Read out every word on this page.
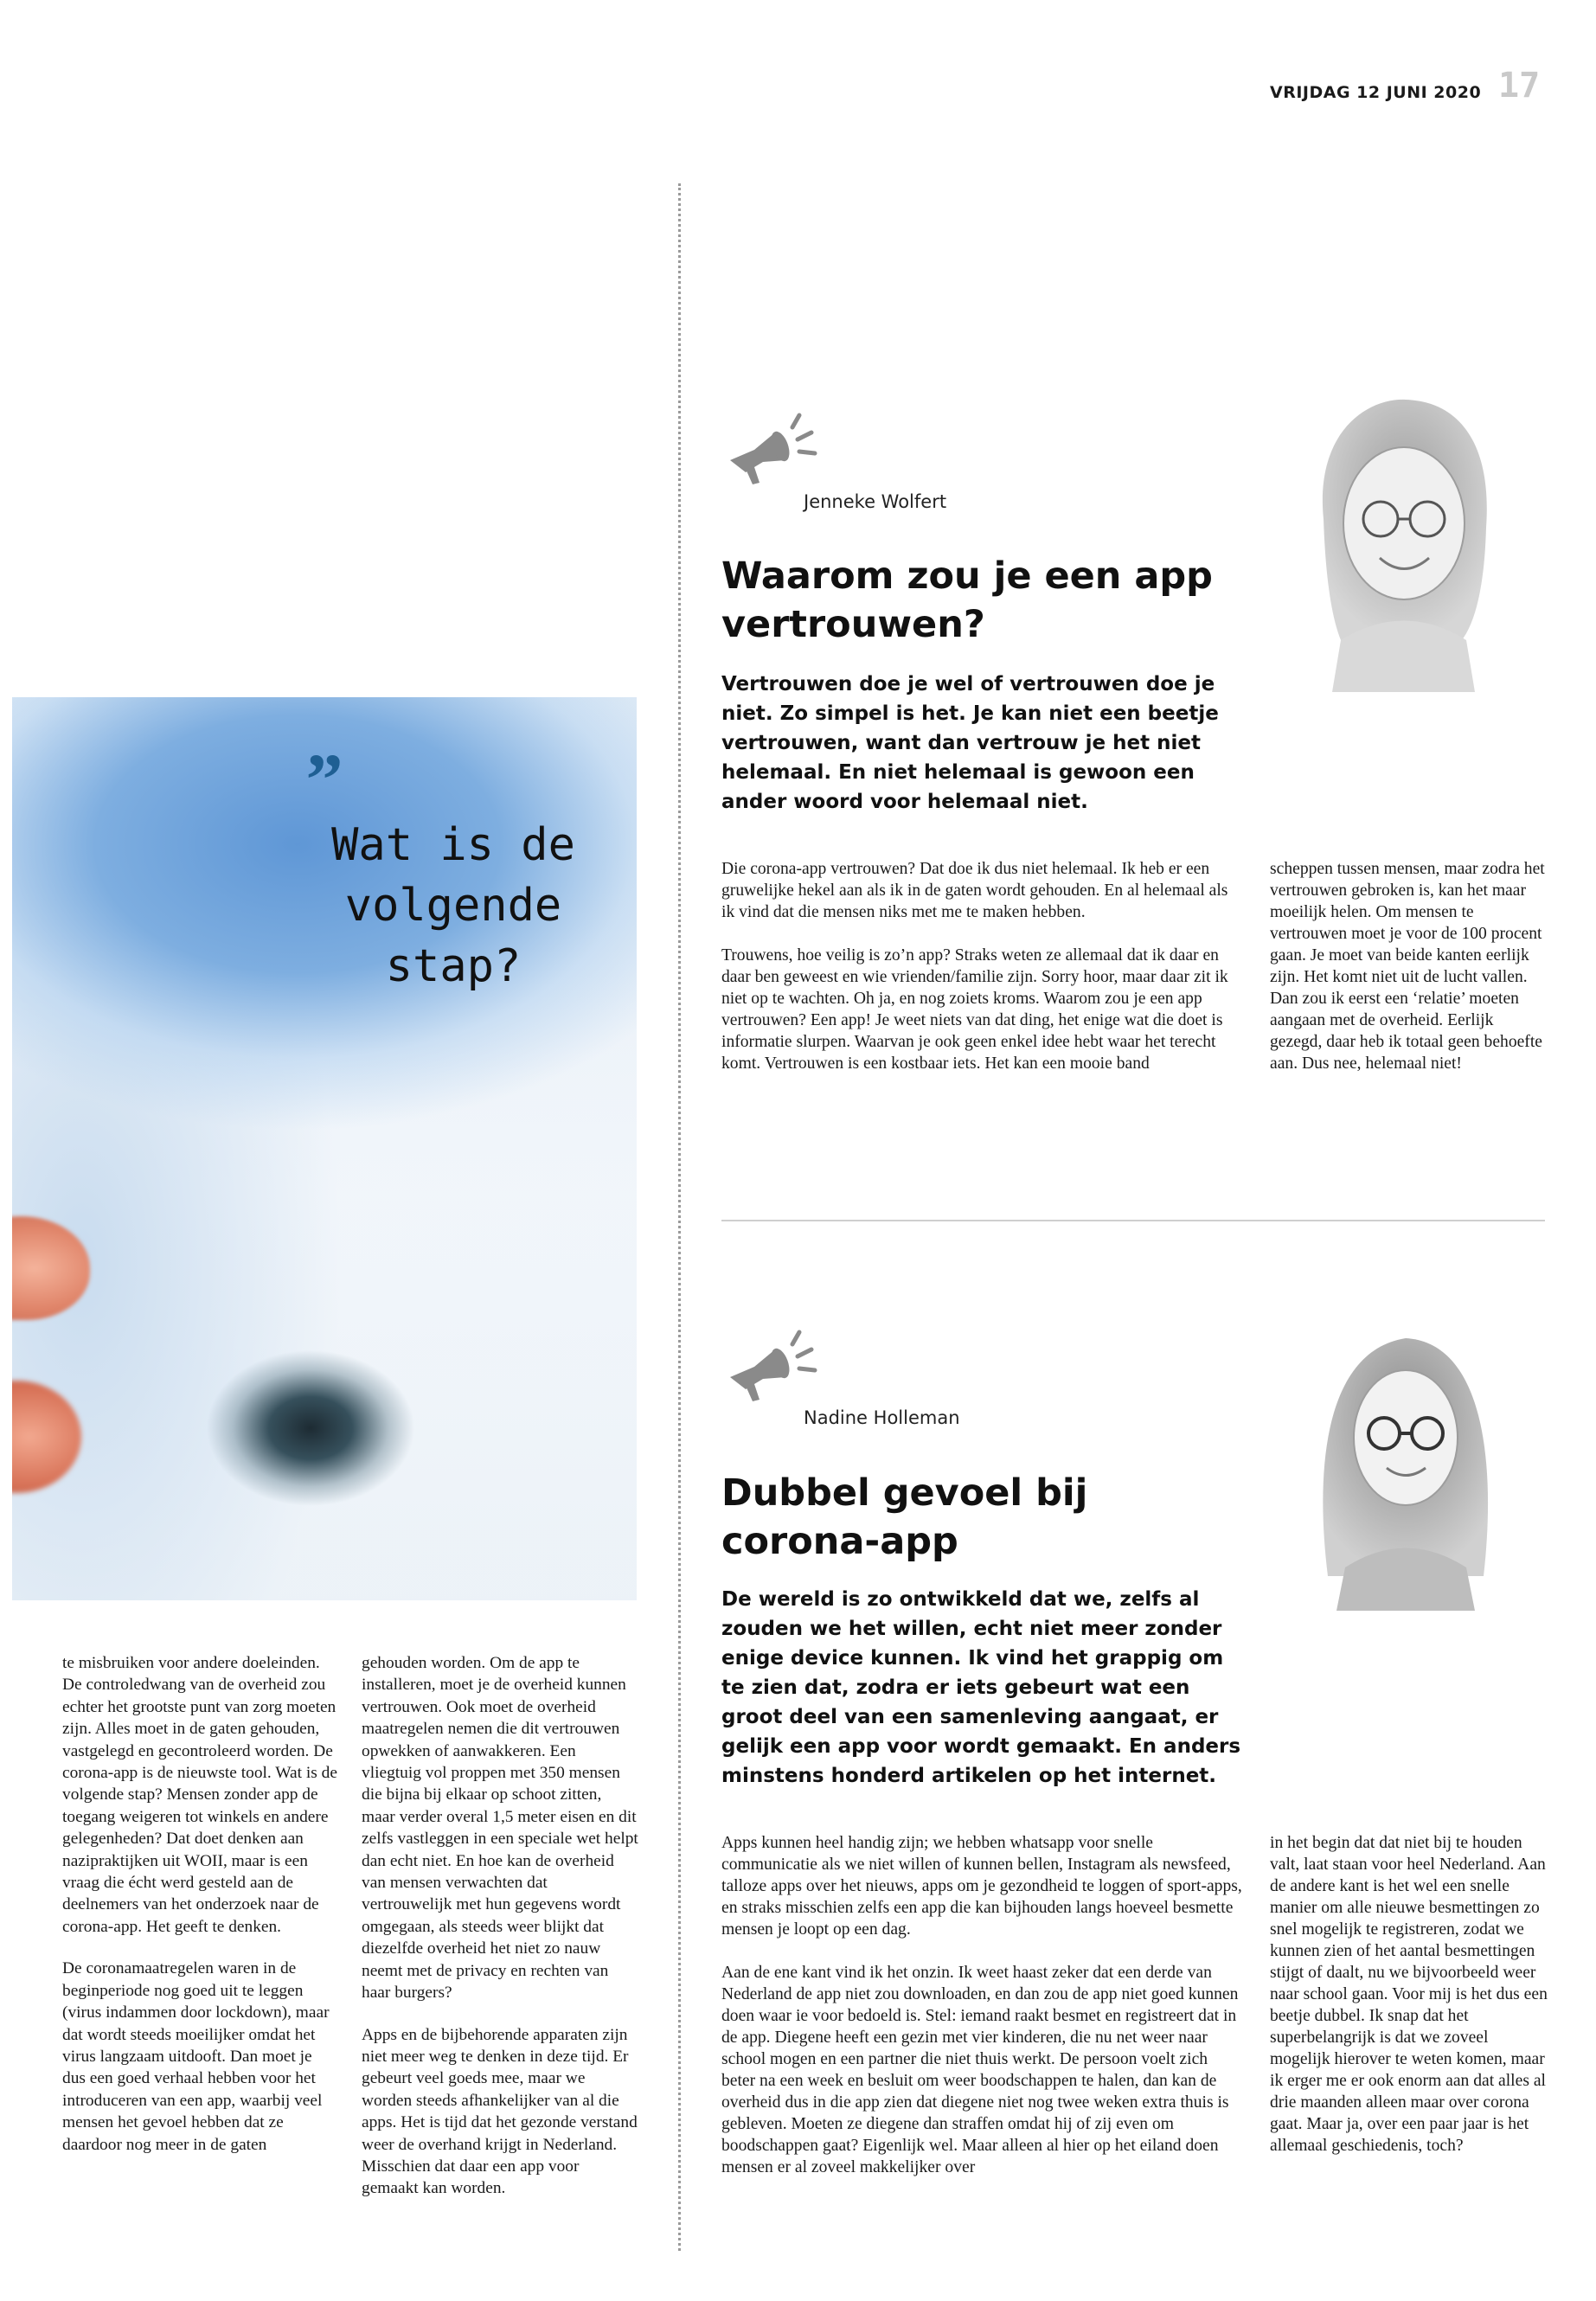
VRIJDAG 12 JUNI 2020 17
”
Wat is de volgende stap?

te misbruiken voor andere doeleinden. De controledwang van de overheid zou echter het grootste punt van zorg moeten zijn. Alles moet in de gaten gehouden, vastgelegd en gecontroleerd worden. De corona-app is de nieuwste tool. Wat is de volgende stap? Mensen zonder app de toegang weigeren tot winkels en andere gelegenheden? Dat doet denken aan nazipraktijken uit WOII, maar is een vraag die écht werd gesteld aan de deelnemers van het onderzoek naar de corona-app. Het geeft te denken.

De coronamaatregelen waren in de beginperiode nog goed uit te leggen (virus indammen door lockdown), maar dat wordt steeds moeilijker omdat het virus langzaam uitdooft. Dan moet je dus een goed verhaal hebben voor het introduceren van een app, waarbij veel mensen het gevoel hebben dat ze daardoor nog meer in de gaten

gehouden worden. Om de app te installeren, moet je de overheid kunnen vertrouwen. Ook moet de overheid maatregelen nemen die dit vertrouwen opwekken of aanwakkeren. Een vliegtuig vol proppen met 350 mensen die bijna bij elkaar op schoot zitten, maar verder overal 1,5 meter eisen en dit zelfs vastleggen in een speciale wet helpt dan echt niet. En hoe kan de overheid van mensen verwachten dat vertrouwelijk met hun gegevens wordt omgegaan, als steeds weer blijkt dat diezelfde overheid het niet zo nauw neemt met de privacy en rechten van haar burgers?

Apps en de bijbehorende apparaten zijn niet meer weg te denken in deze tijd. Er gebeurt veel goeds mee, maar we worden steeds afhankelijker van al die apps. Het is tijd dat het gezonde verstand weer de overhand krijgt in Nederland. Misschien dat daar een app voor gemaakt kan worden.

Jenneke Wolfert
Waarom zou je een app vertrouwen?
Vertrouwen doe je wel of vertrouwen doe je niet. Zo simpel is het. Je kan niet een beetje vertrouwen, want dan vertrouw je het niet helemaal. En niet helemaal is gewoon een ander woord voor helemaal niet.

Die corona-app vertrouwen? Dat doe ik dus niet helemaal. Ik heb er een gruwelijke hekel aan als ik in de gaten wordt gehouden. En al helemaal als ik vind dat die mensen niks met me te maken hebben.

Trouwens, hoe veilig is zo’n app? Straks weten ze allemaal dat ik daar en daar ben geweest en wie vrienden/familie zijn. Sorry hoor, maar daar zit ik niet op te wachten. Oh ja, en nog zoiets kroms. Waarom zou je een app vertrouwen? Een app! Je weet niets van dat ding, het enige wat die doet is informatie slurpen. Waarvan je ook geen enkel idee hebt waar het terecht komt. Vertrouwen is een kostbaar iets. Het kan een mooie band

scheppen tussen mensen, maar zodra het vertrouwen gebroken is, kan het maar moeilijk helen. Om mensen te vertrouwen moet je voor de 100 procent gaan. Je moet van beide kanten eerlijk zijn. Het komt niet uit de lucht vallen. Dan zou ik eerst een ‘relatie’ moeten aangaan met de overheid. Eerlijk gezegd, daar heb ik totaal geen behoefte aan. Dus nee, helemaal niet!

Nadine Holleman
Dubbel gevoel bij corona-app
De wereld is zo ontwikkeld dat we, zelfs al zouden we het willen, echt niet meer zonder enige device kunnen. Ik vind het grappig om te zien dat, zodra er iets gebeurt wat een groot deel van een samenleving aangaat, er gelijk een app voor wordt gemaakt. En anders minstens honderd artikelen op het internet.

Apps kunnen heel handig zijn; we hebben whatsapp voor snelle communicatie als we niet willen of kunnen bellen, Instagram als newsfeed, talloze apps over het nieuws, apps om je gezondheid te loggen of sport-apps, en straks misschien zelfs een app die kan bijhouden langs hoeveel besmette mensen je loopt op een dag.

Aan de ene kant vind ik het onzin. Ik weet haast zeker dat een derde van Nederland de app niet zou downloaden, en dan zou de app niet goed kunnen doen waar ie voor bedoeld is. Stel: iemand raakt besmet en registreert dat in de app. Diegene heeft een gezin met vier kinderen, die nu net weer naar school mogen en een partner die niet thuis werkt. De persoon voelt zich beter na een week en besluit om weer boodschappen te halen, dan kan de overheid dus in die app zien dat diegene niet nog twee weken extra thuis is gebleven. Moeten ze diegene dan straffen omdat hij of zij even om boodschappen gaat? Eigenlijk wel. Maar alleen al hier op het eiland doen mensen er al zoveel makkelijker over

in het begin dat dat niet bij te houden valt, laat staan voor heel Nederland. Aan de andere kant is het wel een snelle manier om alle nieuwe besmettingen zo snel mogelijk te registreren, zodat we kunnen zien of het aantal besmettingen stijgt of daalt, nu we bijvoorbeeld weer naar school gaan. Voor mij is het dus een beetje dubbel. Ik snap dat het superbelangrijk is dat we zoveel mogelijk hierover te weten komen, maar ik erger me er ook enorm aan dat alles al drie maanden alleen maar over corona gaat. Maar ja, over een paar jaar is het allemaal geschiedenis, toch?
